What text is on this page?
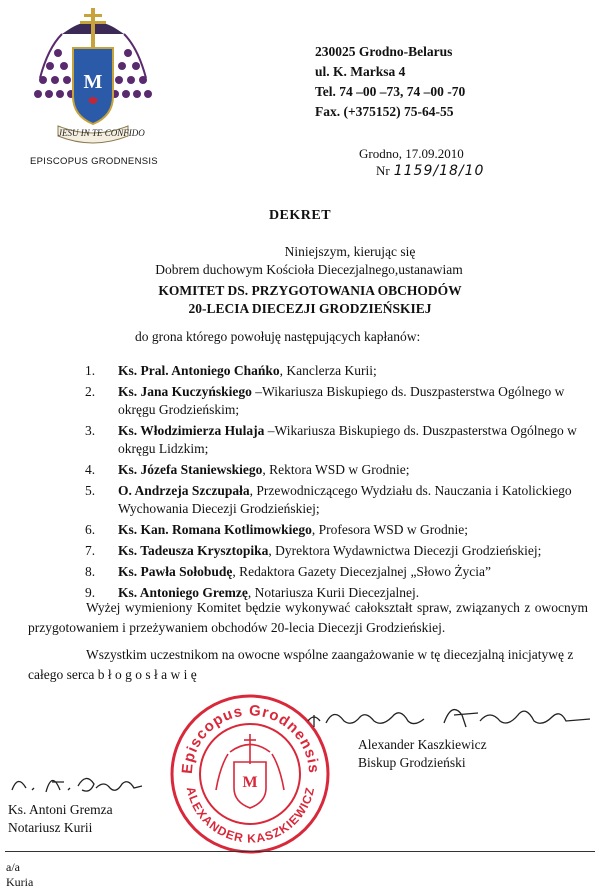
M
JESU IN TE CONFIDO
EPISCOPUS GRODNENSIS
230025 Grodno-Belarus
ul. K. Marksa 4
Tel. 74 –00 –73, 74 –00 -70
Fax. (+375152) 75-64-55
Grodno, 17.09.2010
Nr 1159/18/10
DEKRET
Niniejszym, kierując się
Dobrem duchowym Kościoła Diecezjalnego,ustanawiam
KOMITET DS. PRZYGOTOWANIA OBCHODÓW
20-LECIA DIECEZJI GRODZIEŃSKIEJ
do grona którego powołuję następujących kapłanów:
1.	Ks. Pral. Antoniego Chańko, Kanclerza Kurii;
2.	Ks. Jana Kuczyńskiego –Wikariusza Biskupiego ds. Duszpasterstwa Ogólnego w okręgu Grodzieńskim;
3.	Ks. Włodzimierza Hulaja –Wikariusza Biskupiego ds. Duszpasterstwa Ogólnego w okręgu Lidzkim;
4.	Ks. Józefa Staniewskiego, Rektora WSD w Grodnie;
5.	O. Andrzeja Szczupała, Przewodniczącego Wydziału ds. Nauczania i Katolickiego Wychowania Diecezji Grodzieńskiej;
6.	Ks. Kan. Romana Kotlimowkiego, Profesora WSD w Grodnie;
7.	Ks. Tadeusza Krysztopika, Dyrektora Wydawnictwa Diecezji Grodzieńskiej;
8.	Ks. Pawła Sołobudę, Redaktora Gazety Diecezjalnej „Słowo Życia”
9.	Ks. Antoniego Gremzę, Notariusza Kurii Diecezjalnej.
Wyżej wymieniony Komitet będzie wykonywać całokształt spraw, związanych z owocnym przygotowaniem i przeżywaniem obchodów 20-lecia Diecezji Grodzieńskiej.
Wszystkim uczestnikom na owocne wspólne zaangażowanie w tę diecezjalną inicjatywę z całego serca b ł o g o s ł a w i ę
Episcopus Grodnensis
ALEXANDER KASZKIEWICZ
M
Alexander Kaszkiewicz
Biskup Grodzieński
Ks. Antoni Gremza
Notariusz Kurii
a/a
Kuria
